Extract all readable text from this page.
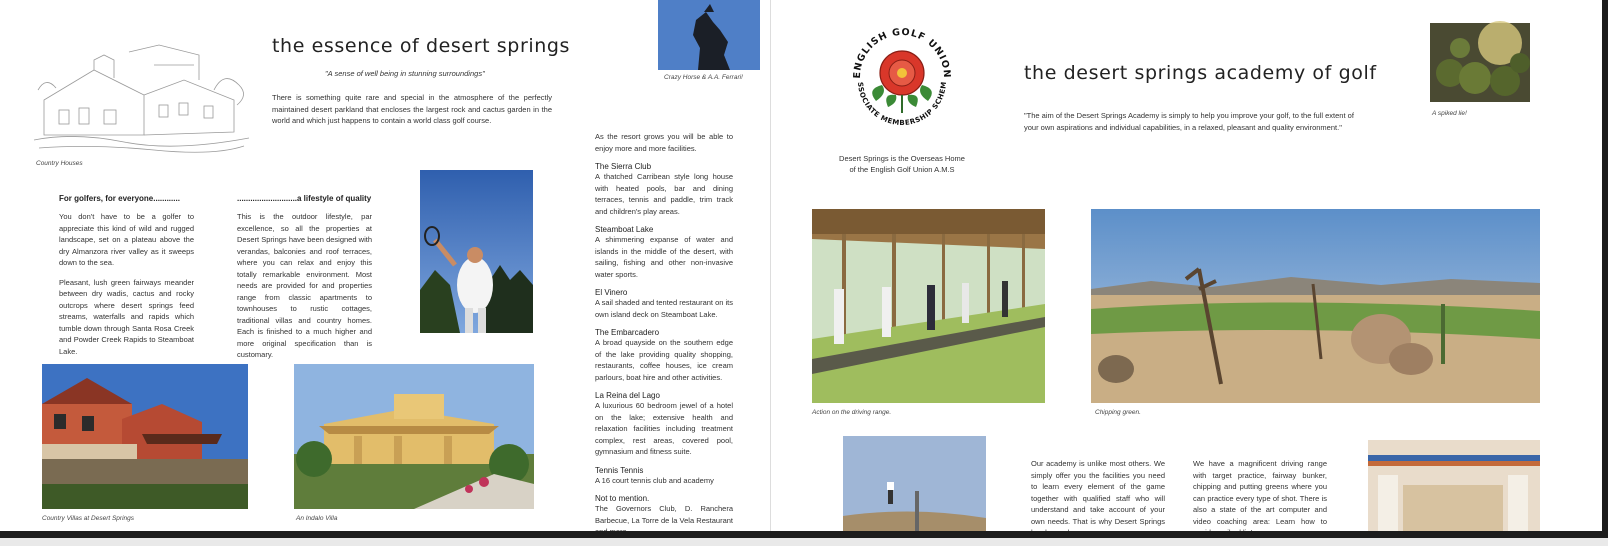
Country Houses
the essence of desert springs
"A sense of well being in stunning surroundings"
There is something quite rare and special in the atmosphere of the perfectly maintained desert parkland that encloses the largest rock and cactus garden in the world and which just happens to contain a world class golf course.
For golfers, for everyone............

You don't have to be a golfer to appreciate this kind of wild and rugged landscape, set on a plateau above the dry Almanzora river valley as it sweeps down to the sea.

Pleasant, lush green fairways meander between dry wadis, cactus and rocky outcrops where desert springs feed streams, waterfalls and rapids which tumble down through Santa Rosa Creek and Powder Creek Rapids to Steamboat Lake.

...........................a lifestyle of quality

This is the outdoor lifestyle, par excellence, so all the properties at Desert Springs have been designed with verandas, balconies and roof terraces, where you can relax and enjoy this totally remarkable environment. Most needs are provided for and properties range from classic apartments to townhouses to rustic cottages, traditional villas and country homes. Each is finished to a much higher and more original specification than is customary.

Country Villas at Desert Springs	An Indalo Villa
Crazy Horse & A.A. Ferrari!

As the resort grows you will be able to enjoy more and more facilities.

The Sierra Club

A thatched Carribean style long house with heated pools, bar and dining terraces, tennis and paddle, trim track and children's play areas.

Steamboat Lake

A shimmering expanse of water and islands in the middle of the desert, with sailing, fishing and other non-invasive water sports.

El Vinero

A sail shaded and tented restaurant on its own island deck on Steamboat Lake.

The Embarcadero

A broad quayside on the southern edge of the lake providing quality shopping, restaurants, coffee houses, ice cream parlours, boat hire and other activities.

La Reina del Lago

A luxurious 60 bedroom jewel of a hotel on the lake; extensive health and relaxation facilities including treatment complex, rest areas, covered pool, gymnasium and fitness suite.

Tennis Tennis

A 16 court tennis club and academy

Not to mention.

The Governors Club, D. Ranchera Barbecue, La Torre de la Vela Restaurant

ENGLISH GOLF UNION
SSOCIATE MEMBERSHIP SCHEM
Desert Springs is the Overseas Home
of the English Golf Union A.M.S
the desert springs academy of golf
"The aim of the Desert Springs Academy is simply to help you improve your golf, to the full extent of your own aspirations and individual capabilities, in a relaxed, pleasant and quality environment."
A spiked lie!
Action on the driving range.	Chipping green.
Our academy is unlike most others. We simply offer you the facilities you need to learn every element of the game together with qualified staff who will understand and take account of your own needs. That is why Desert Springs
We have a magnificent driving range with target practice, fairway bunker, chipping and putting greens where you can practice every type of shot. There is also a state of the art computer and video coaching area: Learn how to
